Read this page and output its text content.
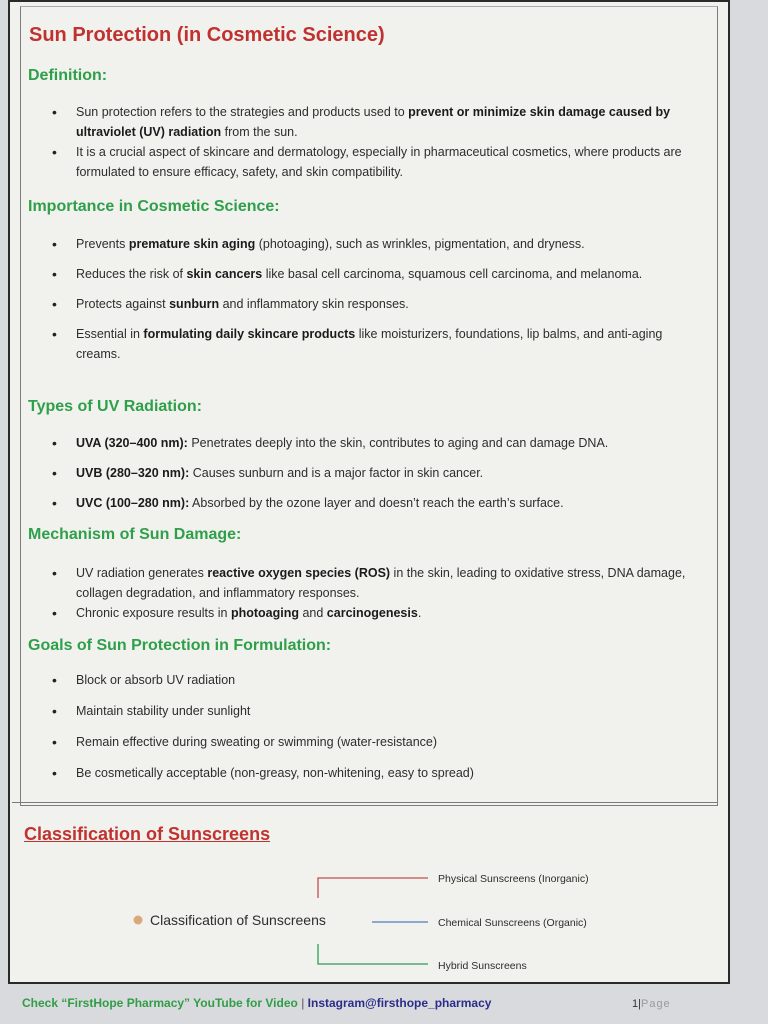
Sun Protection (in Cosmetic Science)
Definition:
• Sun protection refers to the strategies and products used to prevent or minimize skin damage caused by ultraviolet (UV) radiation from the sun.
• It is a crucial aspect of skincare and dermatology, especially in pharmaceutical cosmetics, where products are formulated to ensure efficacy, safety, and skin compatibility.
Importance in Cosmetic Science:
• Prevents premature skin aging (photoaging), such as wrinkles, pigmentation, and dryness.
• Reduces the risk of skin cancers like basal cell carcinoma, squamous cell carcinoma, and melanoma.
• Protects against sunburn and inflammatory skin responses.
• Essential in formulating daily skincare products like moisturizers, foundations, lip balms, and anti-aging creams.
Types of UV Radiation:
• UVA (320–400 nm): Penetrates deeply into the skin, contributes to aging and can damage DNA.
• UVB (280–320 nm): Causes sunburn and is a major factor in skin cancer.
• UVC (100–280 nm): Absorbed by the ozone layer and doesn’t reach the earth’s surface.
Mechanism of Sun Damage:
• UV radiation generates reactive oxygen species (ROS) in the skin, leading to oxidative stress, DNA damage, collagen degradation, and inflammatory responses.
• Chronic exposure results in photoaging and carcinogenesis.
Goals of Sun Protection in Formulation:
• Block or absorb UV radiation
• Maintain stability under sunlight
• Remain effective during sweating or swimming (water-resistance)
• Be cosmetically acceptable (non-greasy, non-whitening, easy to spread)
Classification of Sunscreens
Classification of Sunscreens
Physical Sunscreens (Inorganic)
Chemical Sunscreens (Organic)
Hybrid Sunscreens
Check “FirstHope Pharmacy” YouTube for Video | Instagram@firsthope_pharmacy	1|Page
